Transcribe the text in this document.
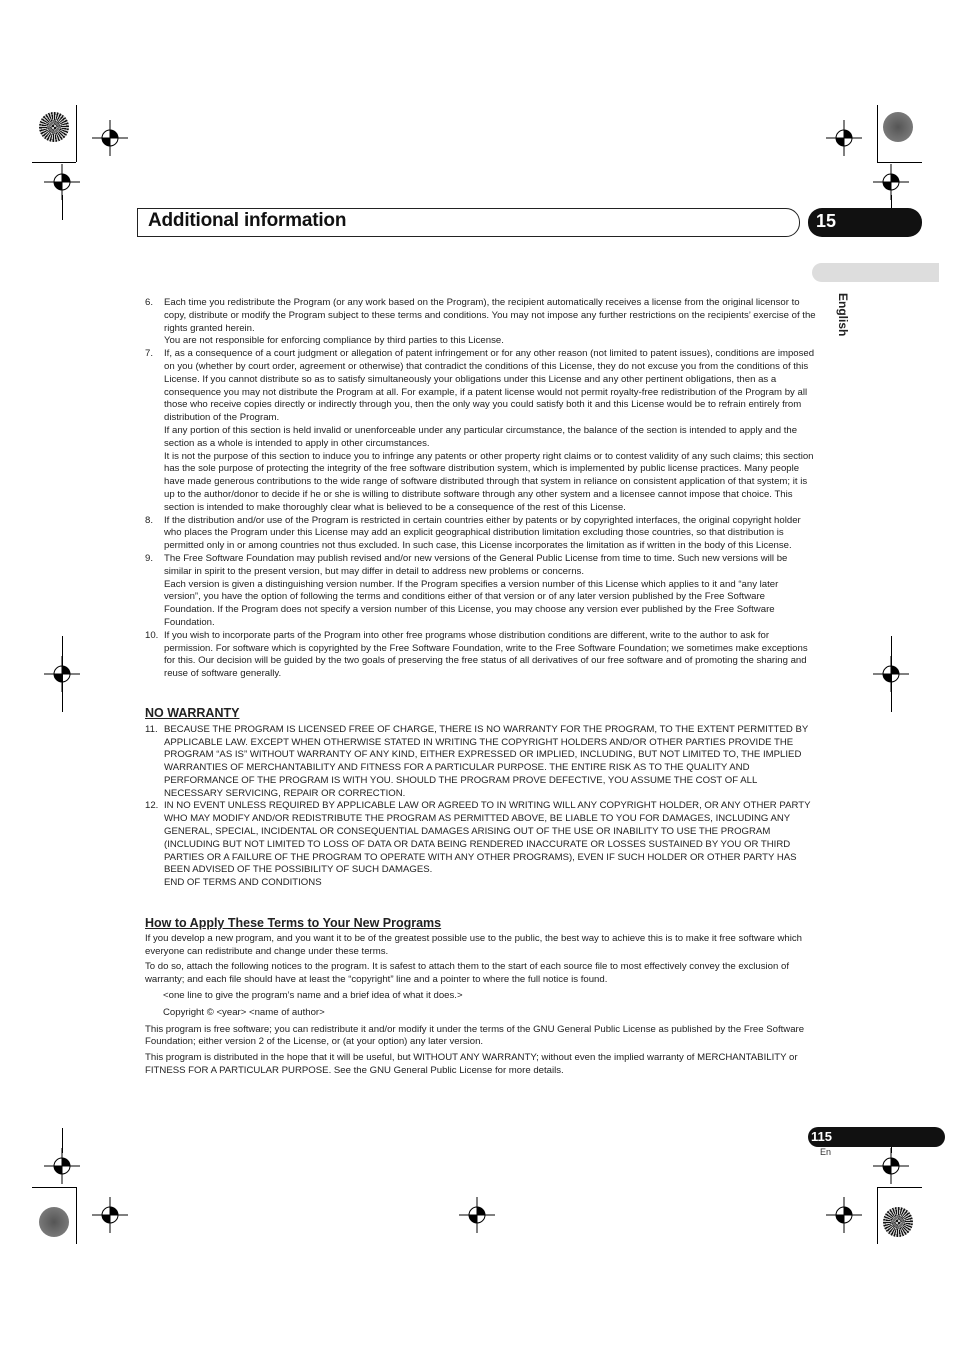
Additional information	15
English
6.	Each time you redistribute the Program (or any work based on the Program), the recipient automatically receives a license from the original licensor to copy, distribute or modify the Program subject to these terms and conditions. You may not impose any further restrictions on the recipients’ exercise of the rights granted herein.

You are not responsible for enforcing compliance by third parties to this License.

7.	If, as a consequence of a court judgment or allegation of patent infringement or for any other reason (not limited to patent issues), conditions are imposed on you (whether by court order, agreement or otherwise) that contradict the conditions of this License, they do not excuse you from the conditions of this License. If you cannot distribute so as to satisfy simultaneously your obligations under this License and any other pertinent obligations, then as a consequence you may not distribute the Program at all. For example, if a patent license would not permit royalty-free redistribution of the Program by all those who receive copies directly or indirectly through you, then the only way you could satisfy both it and this License would be to refrain entirely from distribution of the Program.

If any portion of this section is held invalid or unenforceable under any particular circumstance, the balance of the section is intended to apply and the section as a whole is intended to apply in other circumstances.

It is not the purpose of this section to induce you to infringe any patents or other property right claims or to contest validity of any such claims; this section has the sole purpose of protecting the integrity of the free software distribution system, which is implemented by public license practices. Many people have made generous contributions to the wide range of software distributed through that system in reliance on consistent application of that system; it is up to the author/donor to decide if he or she is willing to distribute software through any other system and a licensee cannot impose that choice. This section is intended to make thoroughly clear what is believed to be a consequence of the rest of this License.

8.	If the distribution and/or use of the Program is restricted in certain countries either by patents or by copyrighted interfaces, the original copyright holder who places the Program under this License may add an explicit geographical distribution limitation excluding those countries, so that distribution is permitted only in or among countries not thus excluded. In such case, this License incorporates the limitation as if written in the body of this License.

9.	The Free Software Foundation may publish revised and/or new versions of the General Public License from time to time. Such new versions will be similar in spirit to the present version, but may differ in detail to address new problems or concerns.

Each version is given a distinguishing version number. If the Program specifies a version number of this License which applies to it and “any later version”, you have the option of following the terms and conditions either of that version or of any later version published by the Free Software Foundation. If the Program does not specify a version number of this License, you may choose any version ever published by the Free Software Foundation.

10. If you wish to incorporate parts of the Program into other free programs whose distribution conditions are different, write to the author to ask for permission. For software which is copyrighted by the Free Software Foundation, write to the Free Software Foundation; we sometimes make exceptions for this. Our decision will be guided by the two goals of preserving the free status of all derivatives of our free software and of promoting the sharing and reuse of software generally.

NO WARRANTY

11. BECAUSE THE PROGRAM IS LICENSED FREE OF CHARGE, THERE IS NO WARRANTY FOR THE PROGRAM, TO THE EXTENT PERMITTED BY APPLICABLE LAW. EXCEPT WHEN OTHERWISE STATED IN WRITING THE COPYRIGHT HOLDERS AND/OR OTHER PARTIES PROVIDE THE PROGRAM “AS IS” WITHOUT WARRANTY OF ANY KIND, EITHER EXPRESSED OR IMPLIED, INCLUDING, BUT NOT LIMITED TO, THE IMPLIED WARRANTIES OF MERCHANTABILITY AND FITNESS FOR A PARTICULAR PURPOSE. THE ENTIRE RISK AS TO THE QUALITY AND PERFORMANCE OF THE PROGRAM IS WITH YOU. SHOULD THE PROGRAM PROVE DEFECTIVE, YOU ASSUME THE COST OF ALL NECESSARY SERVICING, REPAIR OR CORRECTION.

12. IN NO EVENT UNLESS REQUIRED BY APPLICABLE LAW OR AGREED TO IN WRITING WILL ANY COPYRIGHT HOLDER, OR ANY OTHER PARTY WHO MAY MODIFY AND/OR REDISTRIBUTE THE PROGRAM AS PERMITTED ABOVE, BE LIABLE TO YOU FOR DAMAGES, INCLUDING ANY GENERAL, SPECIAL, INCIDENTAL OR CONSEQUENTIAL DAMAGES ARISING OUT OF THE USE OR INABILITY TO USE THE PROGRAM (INCLUDING BUT NOT LIMITED TO LOSS OF DATA OR DATA BEING RENDERED INACCURATE OR LOSSES SUSTAINED BY YOU OR THIRD PARTIES OR A FAILURE OF THE PROGRAM TO OPERATE WITH ANY OTHER PROGRAMS), EVEN IF SUCH HOLDER OR OTHER PARTY HAS BEEN ADVISED OF THE POSSIBILITY OF SUCH DAMAGES.

END OF TERMS AND CONDITIONS

How to Apply These Terms to Your New Programs

If you develop a new program, and you want it to be of the greatest possible use to the public, the best way to achieve this is to make it free software which everyone can redistribute and change under these terms.

To do so, attach the following notices to the program. It is safest to attach them to the start of each source file to most effectively convey the exclusion of warranty; and each file should have at least the “copyright” line and a pointer to where the full notice is found.

<one line to give the program’s name and a brief idea of what it does.>

Copyright © <year> <name of author>

This program is free software; you can redistribute it and/or modify it under the terms of the GNU General Public License as published by the Free Software Foundation; either version 2 of the License, or (at your option) any later version.

This program is distributed in the hope that it will be useful, but WITHOUT ANY WARRANTY; without even the implied warranty of MERCHANTABILITY or FITNESS FOR A PARTICULAR PURPOSE. See the GNU General Public License for more details.

115
En
